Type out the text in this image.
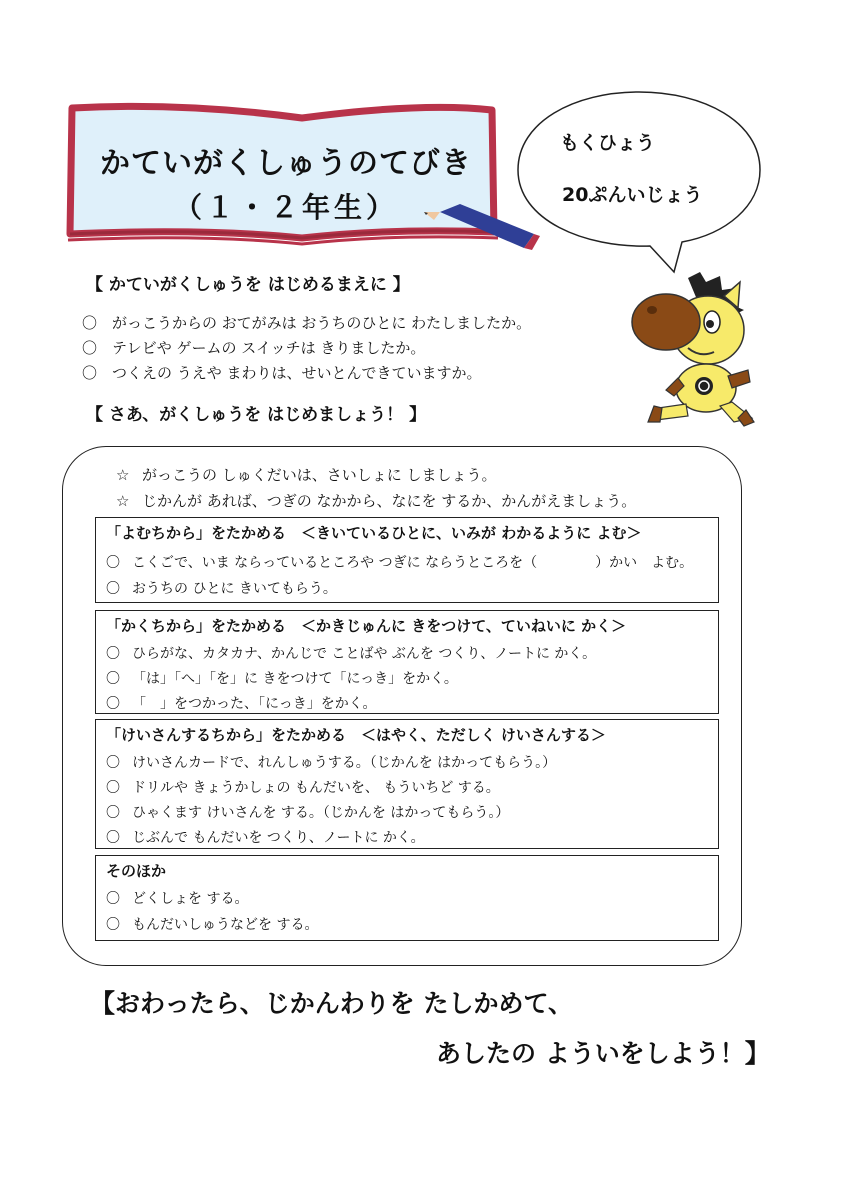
かていがくしゅうのてびき
（１・２年生）
もくひょう
20ぷんいじょう
【 かていがくしゅうを はじめるまえに 】
〇 がっこうからの おてがみは おうちのひとに わたしましたか。
〇 テレビや ゲームの スイッチは きりましたか。
〇 つくえの うえや まわりは、せいとんできていますか。
【 さあ、がくしゅうを はじめましょう！ 】
☆ がっこうの しゅくだいは、さいしょに しましょう。
☆ じかんが あれば、つぎの なかから、なにを するか、かんがえましょう。
「よむちから」をたかめる　＜きいているひとに、いみが わかるように よむ＞
〇 こくごで、いま ならっているところや つぎに ならうところを（	）かい　よむ。
〇 おうちの ひとに きいてもらう。
「かくちから」をたかめる　＜かきじゅんに きをつけて、ていねいに かく＞
〇 ひらがな、カタカナ、かんじで ことばや ぶんを つくり、ノートに かく。
〇 「は」「へ」「を」に きをつけて「にっき」をかく。
〇 「　」をつかった、「にっき」をかく。
「けいさんするちから」をたかめる　＜はやく、ただしく けいさんする＞
〇 けいさんカードで、れんしゅうする。（じかんを はかってもらう。）
〇 ドリルや きょうかしょの もんだいを、 もういちど する。
〇 ひゃくます けいさんを する。（じかんを はかってもらう。）
〇 じぶんで もんだいを つくり、ノートに かく。
そのほか
〇 どくしょを する。
〇 もんだいしゅうなどを する。
【おわったら、じかんわりを たしかめて、
あしたの よういをしよう！】
